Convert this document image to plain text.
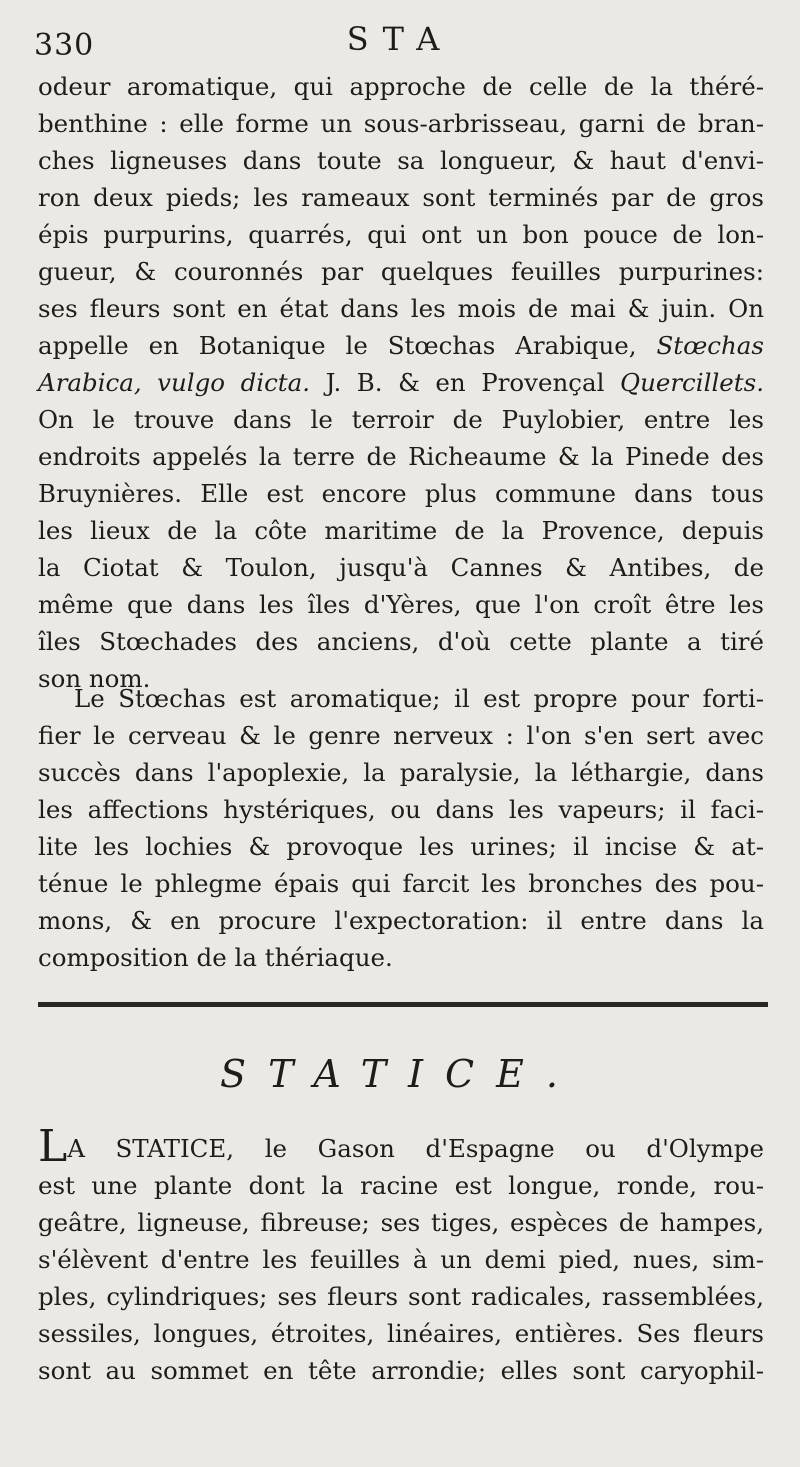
330	STA

odeur aromatique, qui approche de celle de la théré-
benthine : elle forme un sous-arbrisseau, garni de bran-
ches ligneuses dans toute sa longueur, & haut d'envi-
ron deux pieds; les rameaux sont terminés par de gros
épis purpurins, quarrés, qui ont un bon pouce de lon-
gueur, & couronnés par quelques feuilles purpurines:
ses fleurs sont en état dans les mois de mai & juin. On
appelle en Botanique le Stœchas Arabique, Stœchas
Arabica, vulgo dicta. J. B. & en Provençal Quercillets.
On le trouve dans le terroir de Puylobier, entre les
endroits appelés la terre de Richeaume & la Pinede des
Bruynières. Elle est encore plus commune dans tous
les lieux de la côte maritime de la Provence, depuis
la Ciotat & Toulon, jusqu'à Cannes & Antibes, de
même que dans les îles d'Yères, que l'on croît être les
îles Stœchades des anciens, d'où cette plante a tiré
son nom.

Le Stœchas est aromatique; il est propre pour forti-
fier le cerveau & le genre nerveux : l'on s'en sert avec
succès dans l'apoplexie, la paralysie, la léthargie, dans
les affections hystériques, ou dans les vapeurs; il faci-
lite les lochies & provoque les urines; il incise & at-
ténue le phlegme épais qui farcit les bronches des pou-
mons, & en procure l'expectoration: il entre dans la
composition de la thériaque.

STATICE.

LA STATICE, le Gason d'Espagne ou d'Olympe
est une plante dont la racine est longue, ronde, rou-
geâtre, ligneuse, fibreuse; ses tiges, espèces de hampes,
s'élèvent d'entre les feuilles à un demi pied, nues, sim-
ples, cylindriques; ses fleurs sont radicales, rassemblées,
sessiles, longues, étroites, linéaires, entières. Ses fleurs
sont au sommet en tête arrondie; elles sont caryophil-
